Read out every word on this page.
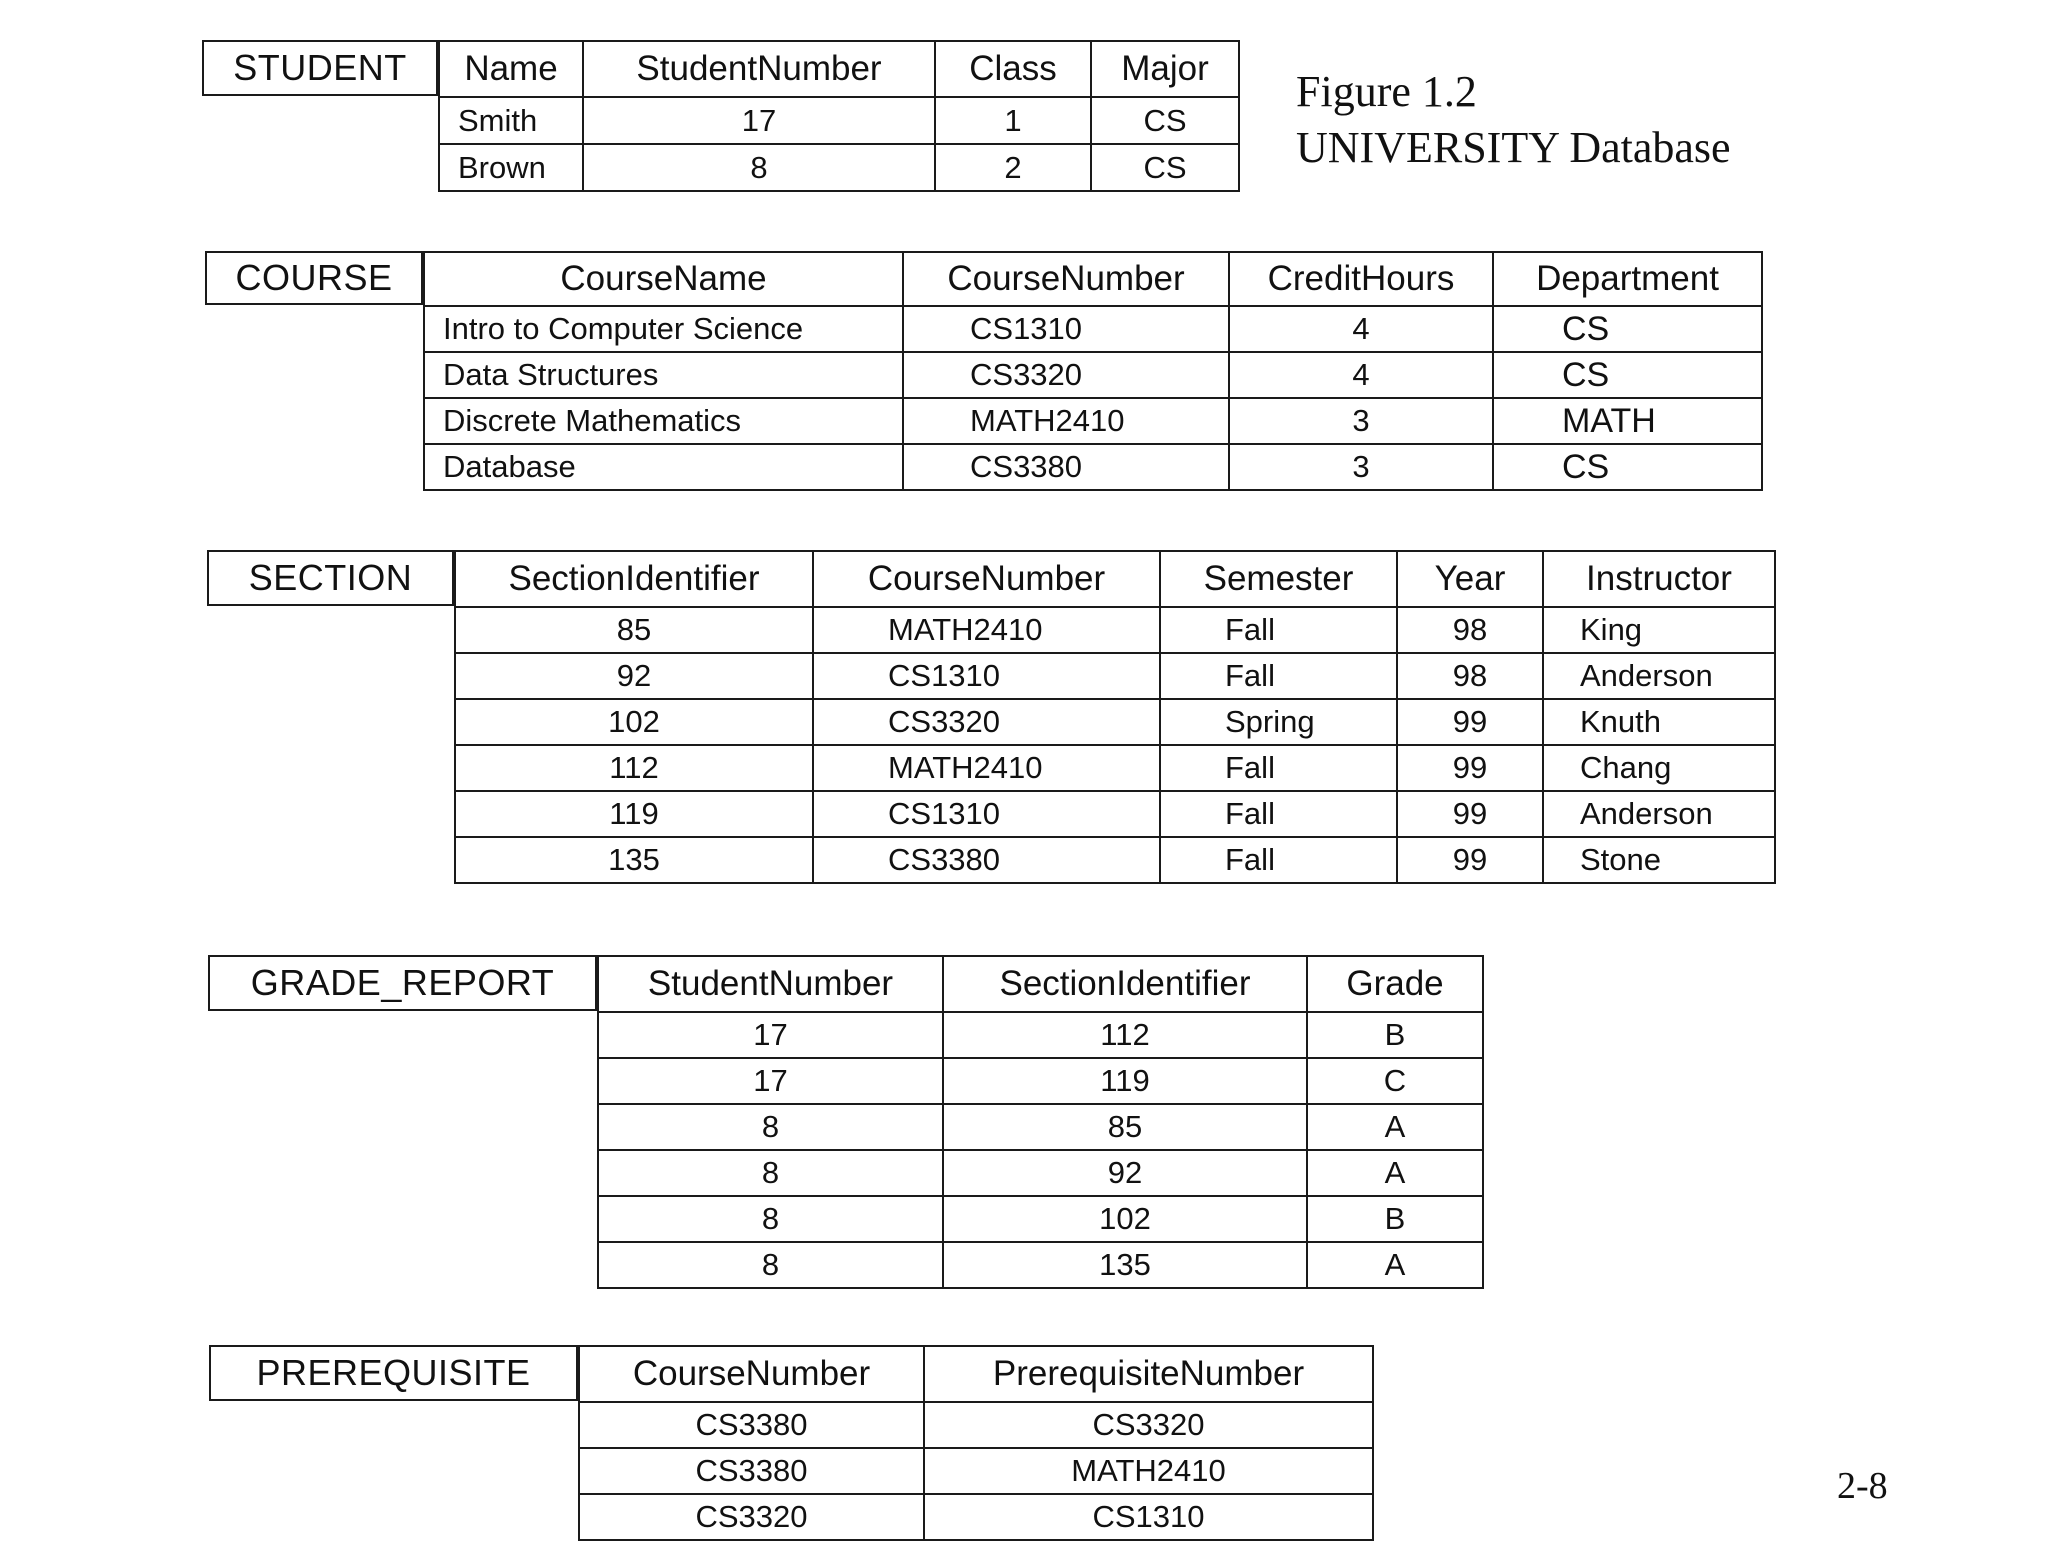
Figure 1.2
UNIVERSITY Database
STUDENT	Name	StudentNumber	Class	Major
Smith	17	1	CS
Brown	8	2	CS
COURSE	CourseName	CourseNumber	CreditHours	Department
Intro to Computer Science	CS1310	4	CS
Data Structures	CS3320	4	CS
Discrete Mathematics	MATH2410	3	MATH
Database	CS3380	3	CS
SECTION	SectionIdentifier	CourseNumber	Semester	Year	Instructor
85	MATH2410	Fall	98	King
92	CS1310	Fall	98	Anderson
102	CS3320	Spring	99	Knuth
112	MATH2410	Fall	99	Chang
119	CS1310	Fall	99	Anderson
135	CS3380	Fall	99	Stone
GRADE_REPORT	StudentNumber	SectionIdentifier	Grade
17	112	B
17	119	C
8	85	A
8	92	A
8	102	B
8	135	A
PREREQUISITE	CourseNumber	PrerequisiteNumber
CS3380	CS3320
CS3380	MATH2410
CS3320	CS1310
2-8
